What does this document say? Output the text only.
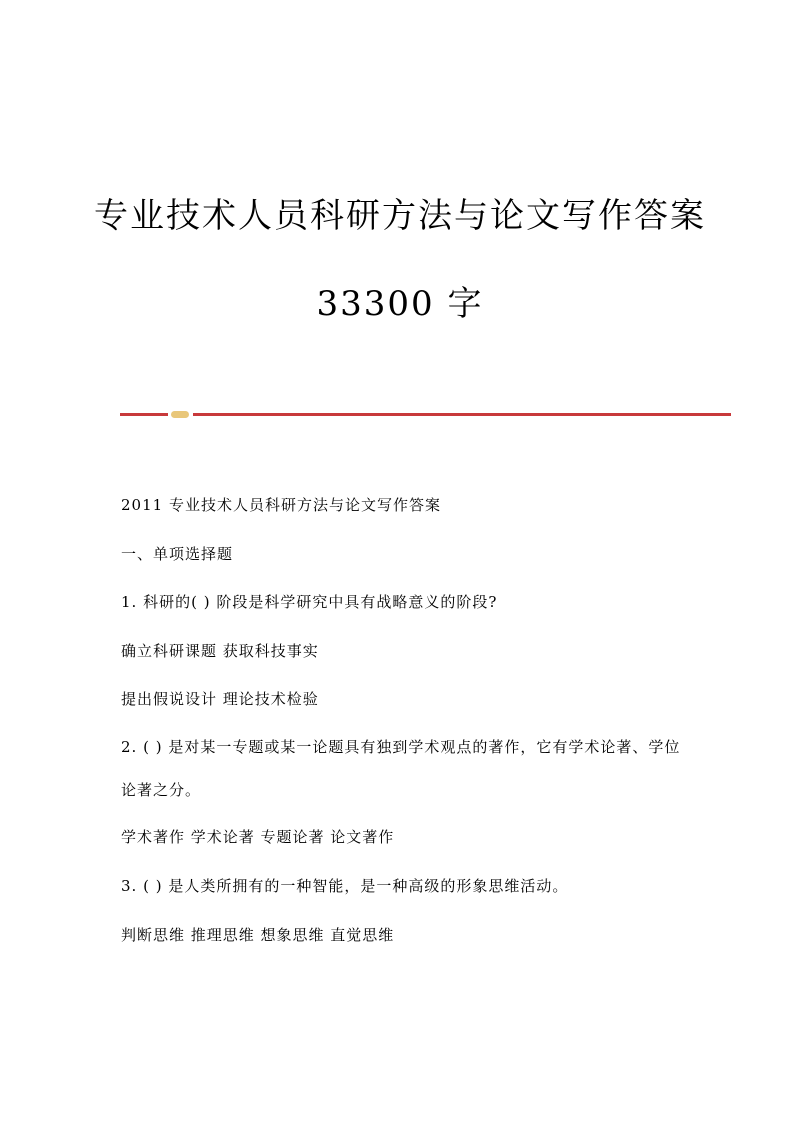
专业技术人员科研方法与论文写作答案
33300 字
2011 专业技术人员科研方法与论文写作答案
一、单项选择题
1. 科研的( ) 阶段是科学研究中具有战略意义的阶段?
确立科研课题 获取科技事实
提出假说设计 理论技术检验
2. ( ) 是对某一专题或某一论题具有独到学术观点的著作，它有学术论著、学位
论著之分。
学术著作 学术论著 专题论著 论文著作
3. ( ) 是人类所拥有的一种智能，是一种高级的形象思维活动。
判断思维 推理思维 想象思维 直觉思维
